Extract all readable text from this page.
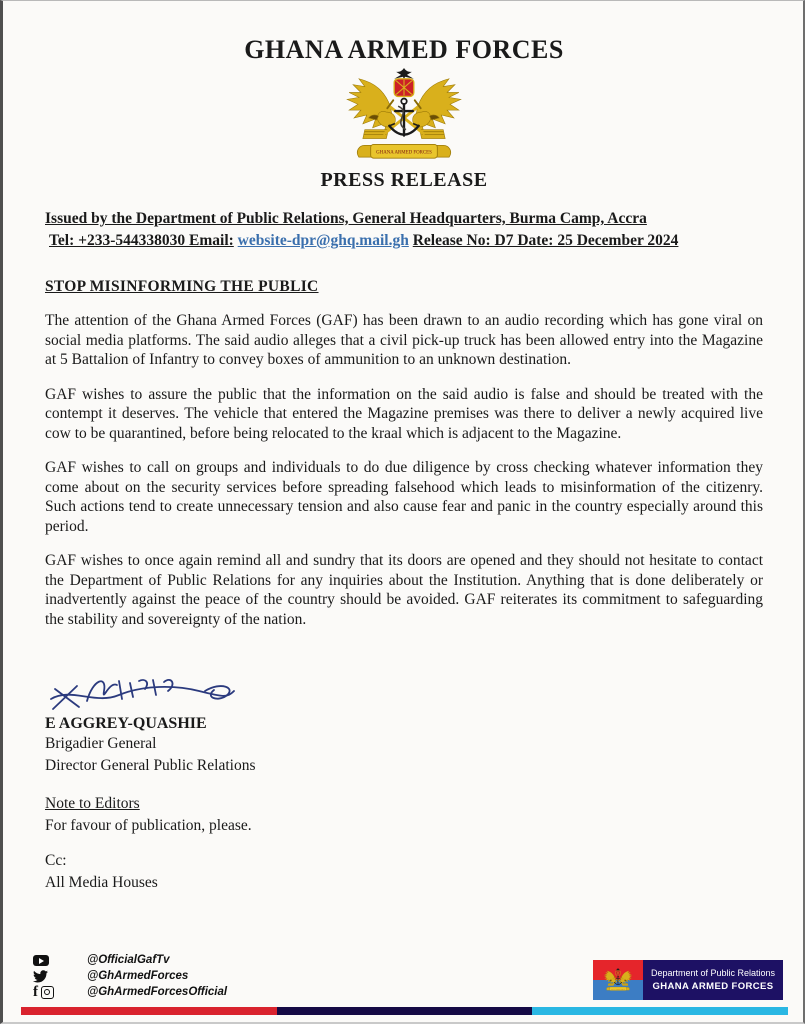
GHANA ARMED FORCES
PRESS RELEASE
Issued by the Department of Public Relations, General Headquarters, Burma Camp, Accra
Tel: +233-544338030 Email: website-dpr@ghq.mail.gh Release No: D7 Date: 25 December 2024
STOP MISINFORMING THE PUBLIC

The attention of the Ghana Armed Forces (GAF) has been drawn to an audio recording which has gone viral on social media platforms. The said audio alleges that a civil pick-up truck has been allowed entry into the Magazine at 5 Battalion of Infantry to convey boxes of ammunition to an unknown destination.

GAF wishes to assure the public that the information on the said audio is false and should be treated with the contempt it deserves. The vehicle that entered the Magazine premises was there to deliver a newly acquired live cow to be quarantined, before being relocated to the kraal which is adjacent to the Magazine.

GAF wishes to call on groups and individuals to do due diligence by cross checking whatever information they come about on the security services before spreading falsehood which leads to misinformation of the citizenry. Such actions tend to create unnecessary tension and also cause fear and panic in the country especially around this period.

GAF wishes to once again remind all and sundry that its doors are opened and they should not hesitate to contact the Department of Public Relations for any inquiries about the Institution. Anything that is done deliberately or inadvertently against the peace of the country should be avoided. GAF reiterates its commitment to safeguarding the stability and sovereignty of the nation.

E AGGREY-QUASHIE
Brigadier General
Director General Public Relations
Note to Editors
For favour of publication, please.
Cc:
All Media Houses
@OfficialGafTv
@GhArmedForces
f	@GhArmedForcesOfficial
Department of Public Relations
GHANA ARMED FORCES
